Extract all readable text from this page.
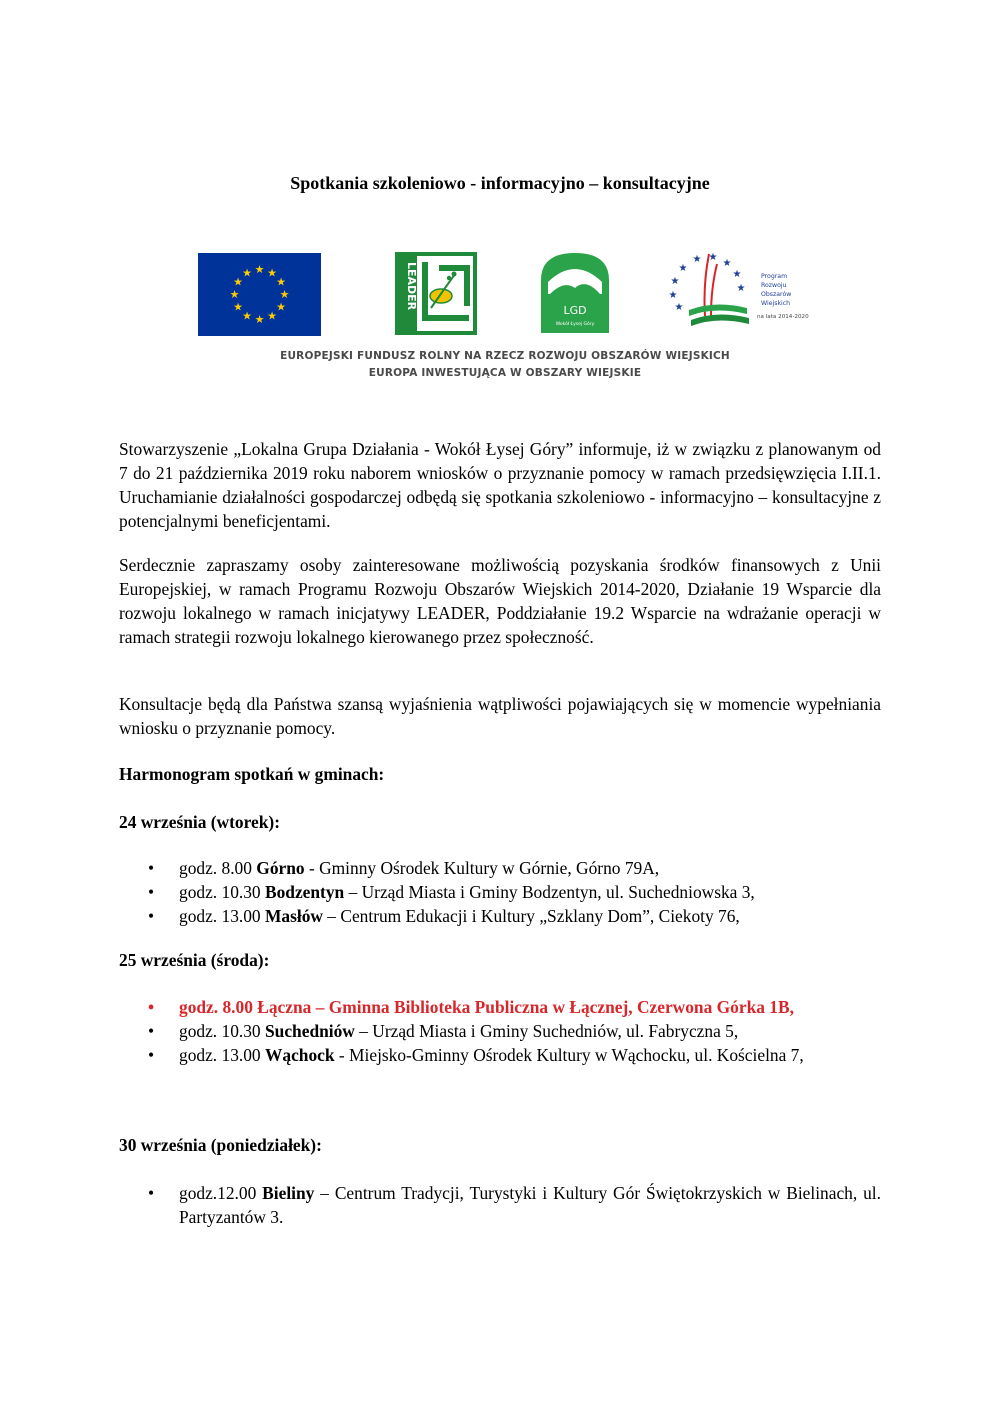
Spotkania szkoleniowo - informacyjno – konsultacyjne
★ ★
★
★
★
★
★
★
★
★
★
★	LEADER
LGD
Wokół Łysej Góry
★
★
★ ★
★
★
★
★
★
Program
Rozwoju
Obszarów
Wiejskich
na lata 2014-2020
EUROPEJSKI FUNDUSZ ROLNY NA RZECZ ROZWOJU OBSZARÓW WIEJSKICH
EUROPA INWESTUJĄCA W OBSZARY WIEJSKIE

Stowarzyszenie „Lokalna Grupa Działania - Wokół Łysej Góry” informuje, iż w związku z planowanym od 7 do 21 października 2019 roku naborem wniosków o przyznanie pomocy w ramach przedsięwzięcia I.II.1. Uruchamianie działalności gospodarczej odbędą się spotkania szkoleniowo - informacyjno – konsultacyjne z potencjalnymi beneficjentami.

Serdecznie zapraszamy osoby zainteresowane możliwością pozyskania środków finansowych z Unii Europejskiej, w ramach Programu Rozwoju Obszarów Wiejskich 2014-2020, Działanie 19 Wsparcie dla rozwoju lokalnego w ramach inicjatywy LEADER, Poddziałanie 19.2 Wsparcie na wdrażanie operacji w ramach strategii rozwoju lokalnego kierowanego przez społeczność.

Konsultacje będą dla Państwa szansą wyjaśnienia wątpliwości pojawiających się w momencie wypełniania wniosku o przyznanie pomocy.

Harmonogram spotkań w gminach:
24 września (wtorek):
• godz. 8.00 Górno - Gminny Ośrodek Kultury w Górnie, Górno 79A,
• godz. 10.30 Bodzentyn – Urząd Miasta i Gminy Bodzentyn, ul. Suchedniowska 3,
• godz. 13.00 Masłów – Centrum Edukacji i Kultury „Szklany Dom”, Ciekoty 76,
25 września (środa):
• godz. 8.00 Łączna – Gminna Biblioteka Publiczna w Łącznej, Czerwona Górka 1B,
• godz. 10.30 Suchedniów – Urząd Miasta i Gminy Suchedniów, ul. Fabryczna 5,
• godz. 13.00 Wąchock - Miejsko-Gminny Ośrodek Kultury w Wąchocku, ul. Kościelna 7,
30 września (poniedziałek):
• godz.12.00 Bieliny – Centrum Tradycji, Turystyki i Kultury Gór Świętokrzyskich w Bielinach, ul. Partyzantów 3.
